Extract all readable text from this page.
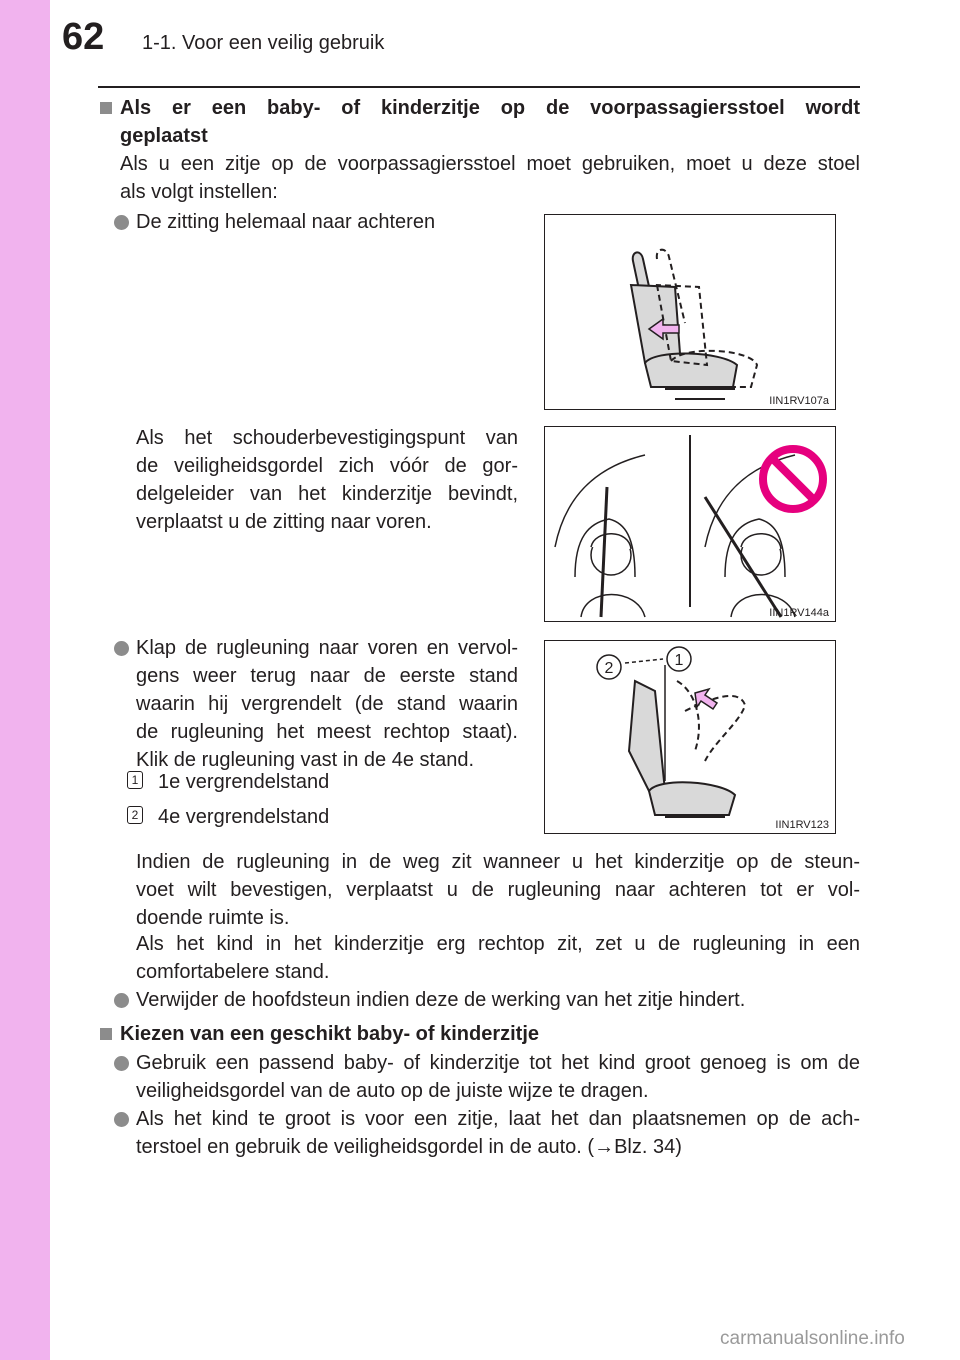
62 1-1. Voor een veilig gebruik
Als er een baby- of kinderzitje op de voorpassagiersstoel wordt
geplaatst
Als u een zitje op de voorpassagiersstoel moet gebruiken, moet u deze stoel
als volgt instellen:
De zitting helemaal naar achteren
Als het schouderbevestigingspunt van
de veiligheidsgordel zich vóór de gor-
delgeleider van het kinderzitje bevindt,
verplaatst u de zitting naar voren.
Klap de rugleuning naar voren en vervol-
gens weer terug naar de eerste stand
waarin hij vergrendelt (de stand waarin
de rugleuning het meest rechtop staat).
Klik de rugleuning vast in de 4e stand.
1 1e vergrendelstand
2 4e vergrendelstand
Indien de rugleuning in de weg zit wanneer u het kinderzitje op de steun-
voet wilt bevestigen, verplaatst u de rugleuning naar achteren tot er vol-
doende ruimte is.
Als het kind in het kinderzitje erg rechtop zit, zet u de rugleuning in een
comfortabelere stand.
Verwijder de hoofdsteun indien deze de werking van het zitje hindert.
Kiezen van een geschikt baby- of kinderzitje
Gebruik een passend baby- of kinderzitje tot het kind groot genoeg is om de
veiligheidsgordel van de auto op de juiste wijze te dragen.
Als het kind te groot is voor een zitje, laat het dan plaatsnemen op de ach-
terstoel en gebruik de veiligheidsgordel in de auto. (→Blz. 34)
IIN1RV107a
IIN1RV144a
2	1
IIN1RV123
carmanualsonline.info
